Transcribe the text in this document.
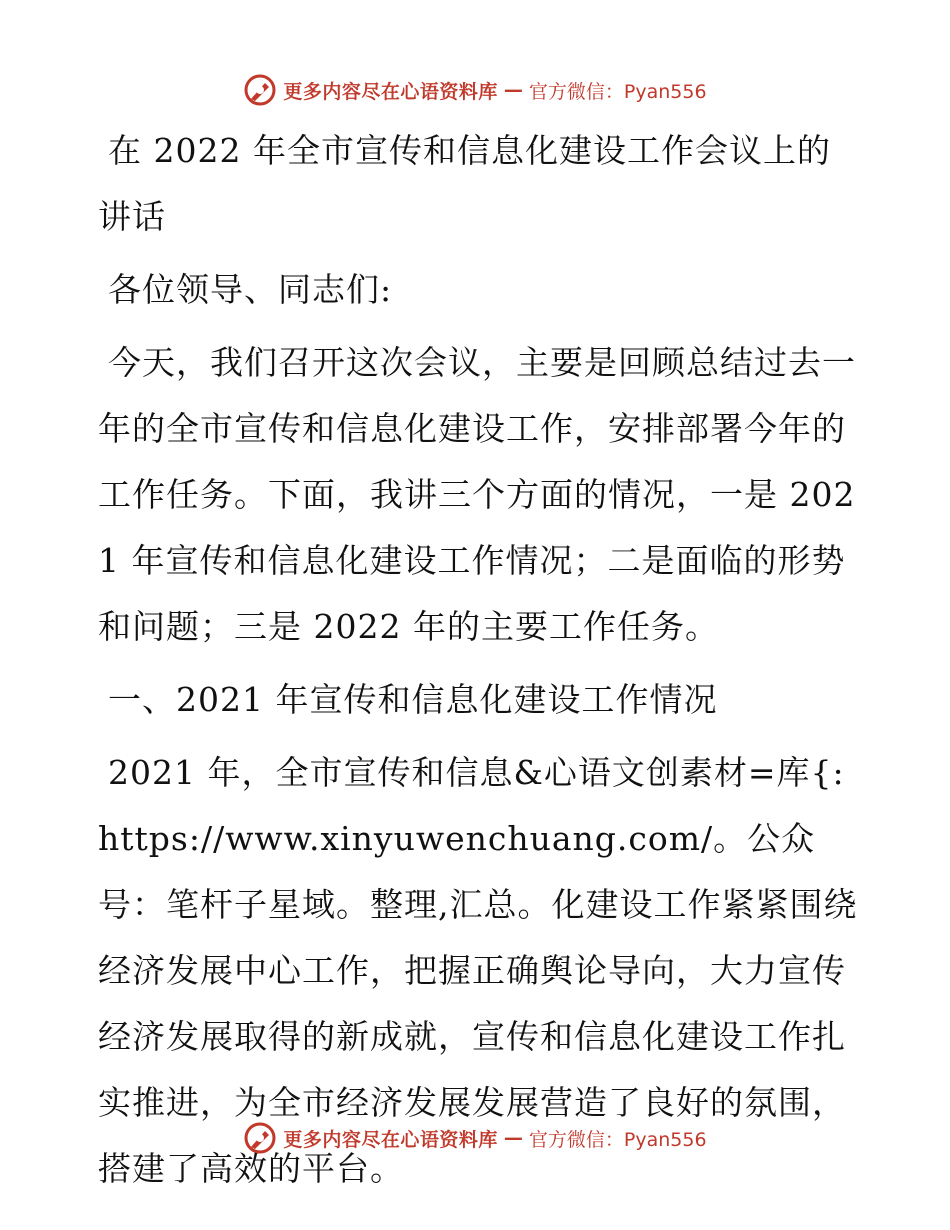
更多内容尽在心语资料库 — 官方微信：Pyan556

在 2022 年全市宣传和信息化建设工作会议上的讲话

各位领导、同志们:

今天，我们召开这次会议，主要是回顾总结过去一年的全市宣传和信息化建设工作，安排部署今年的工作任务。下面，我讲三个方面的情况，一是 2021 年宣传和信息化建设工作情况；二是面临的形势和问题；三是 2022 年的主要工作任务。

一、2021 年宣传和信息化建设工作情况

2021 年，全市宣传和信息&心语文创素材=库{: https://www.xinyuwenchuang.com/。公众号：笔杆子星域。整理,汇总。化建设工作紧紧围绕经济发展中心工作，把握正确舆论导向，大力宣传经济发展取得的新成就，宣传和信息化建设工作扎实推进，为全市经济发展发展营造了良好的氛围，搭建了高效的平台。

更多内容尽在心语资料库 — 官方微信：Pyan556
